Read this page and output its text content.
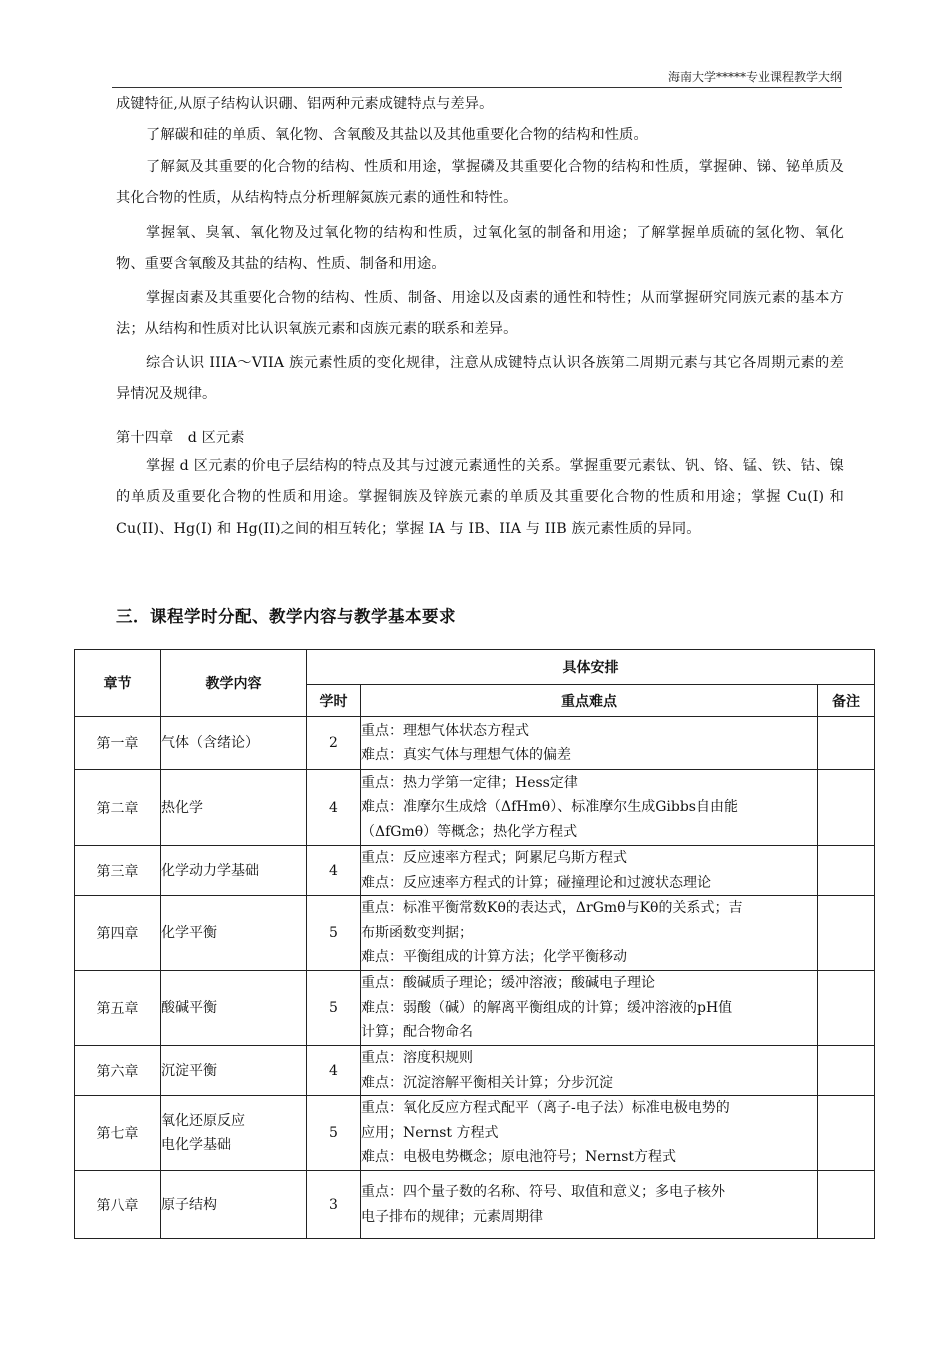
海南大学*****专业课程教学大纲

成键特征,从原子结构认识硼、铝两种元素成键特点与差异。

了解碳和硅的单质、氧化物、含氧酸及其盐以及其他重要化合物的结构和性质。

了解氮及其重要的化合物的结构、性质和用途，掌握磷及其重要化合物的结构和性质，掌握砷、锑、铋单质及其化合物的性质，从结构特点分析理解氮族元素的通性和特性。

掌握氧、臭氧、氧化物及过氧化物的结构和性质，过氧化氢的制备和用途；了解掌握单质硫的氢化物、氧化物、重要含氧酸及其盐的结构、性质、制备和用途。

掌握卤素及其重要化合物的结构、性质、制备、用途以及卤素的通性和特性；从而掌握研究同族元素的基本方法；从结构和性质对比认识氧族元素和卤族元素的联系和差异。

综合认识 IIIA～VIIA 族元素性质的变化规律，注意从成键特点认识各族第二周期元素与其它各周期元素的差异情况及规律。

第十四章　d 区元素

掌握 d 区元素的价电子层结构的特点及其与过渡元素通性的关系。掌握重要元素钛、钒、铬、锰、铁、钴、镍的单质及重要化合物的性质和用途。掌握铜族及锌族元素的单质及其重要化合物的性质和用途；掌握 Cu(I) 和 Cu(II)、Hg(I) 和 Hg(II)之间的相互转化；掌握 IA 与 IB、IIA 与 IIB 族元素性质的异同。

三．课程学时分配、教学内容与教学基本要求
章节	教学内容	具体安排		
		学时	重点难点	备注
第一章	气体（含绪论）	2	重点：理想气体状态方程式
难点：真实气体与理想气体的偏差	

第二章	热化学	4	重点：热力学第一定律；Hess定律
难点：准摩尔生成焓（ΔfHmθ）、标准摩尔生成Gibbs自由能
（ΔfGmθ）等概念；热化学方程式	

第三章	化学动力学基础	4	重点：反应速率方程式；阿累尼乌斯方程式
难点：反应速率方程式的计算；碰撞理论和过渡状态理论	

第四章	化学平衡	5	重点：标准平衡常数Kθ的表达式，ΔrGmθ与Kθ的关系式；吉
布斯函数变判据；
难点：平衡组成的计算方法；化学平衡移动	

第五章	酸碱平衡	5	重点：酸碱质子理论；缓冲溶液；酸碱电子理论
难点：弱酸（碱）的解离平衡组成的计算；缓冲溶液的pH值
计算；配合物命名	

第六章	沉淀平衡	4	重点：溶度积规则
难点：沉淀溶解平衡相关计算；分步沉淀	

第七章	氧化还原反应
电化学基础	5	重点：氧化反应方程式配平（离子-电子法）标准电极电势的
应用；Nernst 方程式
难点：电极电势概念；原电池符号；Nernst方程式	

第八章	原子结构	3	重点：四个量子数的名称、符号、取值和意义；多电子核外
电子排布的规律；元素周期律	
